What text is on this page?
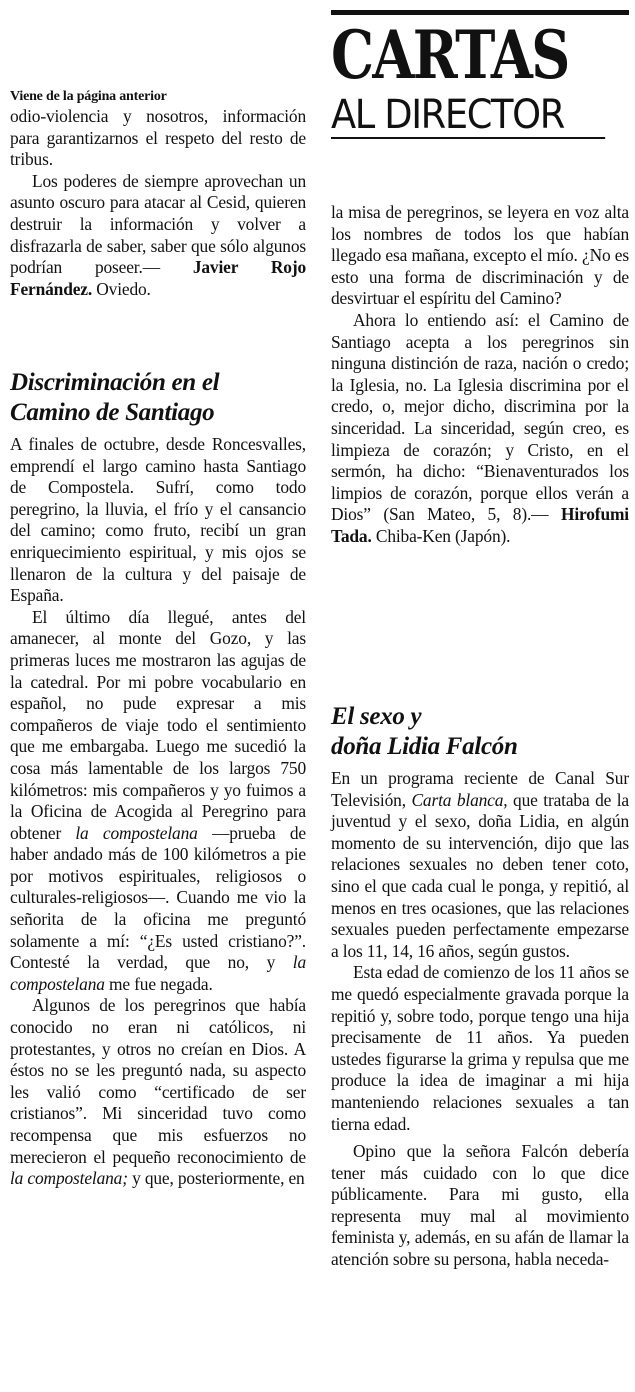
Viene de la página anterior

odio-violencia y nosotros, información para garantizarnos el respeto del resto de tribus.

Los poderes de siempre aprovechan un asunto oscuro para atacar al Cesid, quieren destruir la información y volver a disfrazarla de saber, saber que sólo algunos podrían poseer.— Javier Rojo Fernández. Oviedo.

Discriminación en el
Camino de Santiago

A finales de octubre, desde Roncesvalles, emprendí el largo camino hasta Santiago de Compostela. Sufrí, como todo peregrino, la lluvia, el frío y el cansancio del camino; como fruto, recibí un gran enriquecimiento espiritual, y mis ojos se llenaron de la cultura y del paisaje de España.

El último día llegué, antes del amanecer, al monte del Gozo, y las primeras luces me mostraron las agujas de la catedral. Por mi pobre vocabulario en español, no pude expresar a mis compañeros de viaje todo el sentimiento que me embargaba. Luego me sucedió la cosa más lamentable de los largos 750 kilómetros: mis compañeros y yo fuimos a la Oficina de Acogida al Peregrino para obtener la compostelana —prueba de haber andado más de 100 kilómetros a pie por motivos espirituales, religiosos o culturales-religiosos—. Cuando me vio la señorita de la oficina me preguntó solamente a mí: “¿Es usted cristiano?”. Contesté la verdad, que no, y la compostelana me fue negada.

Algunos de los peregrinos que había conocido no eran ni católicos, ni protestantes, y otros no creían en Dios. A éstos no se les preguntó nada, su aspecto les valió como “certificado de ser cristianos”. Mi sinceridad tuvo como recompensa que mis esfuerzos no merecieron el pequeño reconocimiento de la compostelana; y que, posteriormente, en

CARTAS
AL DIRECTOR

la misa de peregrinos, se leyera en voz alta los nombres de todos los que habían llegado esa mañana, excepto el mío. ¿No es esto una forma de discriminación y de desvirtuar el espíritu del Camino?

Ahora lo entiendo así: el Camino de Santiago acepta a los peregrinos sin ninguna distinción de raza, nación o credo; la Iglesia, no. La Iglesia discrimina por el credo, o, mejor dicho, discrimina por la sinceridad. La sinceridad, según creo, es limpieza de corazón; y Cristo, en el sermón, ha dicho: “Bienaventurados los limpios de corazón, porque ellos verán a Dios” (San Mateo, 5, 8).— Hirofumi Tada. Chiba-Ken (Japón).

El sexo y
doña Lidia Falcón

En un programa reciente de Canal Sur Televisión, Carta blanca, que trataba de la juventud y el sexo, doña Lidia, en algún momento de su intervención, dijo que las relaciones sexuales no deben tener coto, sino el que cada cual le ponga, y repitió, al menos en tres ocasiones, que las relaciones sexuales pueden perfectamente empezarse a los 11, 14, 16 años, según gustos.

Esta edad de comienzo de los 11 años se me quedó especialmente gravada porque la repitió y, sobre todo, porque tengo una hija precisamente de 11 años. Ya pueden ustedes figurarse la grima y repulsa que me produce la idea de imaginar a mi hija manteniendo relaciones sexuales a tan tierna edad.

Opino que la señora Falcón debería tener más cuidado con lo que dice públicamente. Para mi gusto, ella representa muy mal al movimiento feminista y, además, en su afán de llamar la atención sobre su persona, habla neceda-
